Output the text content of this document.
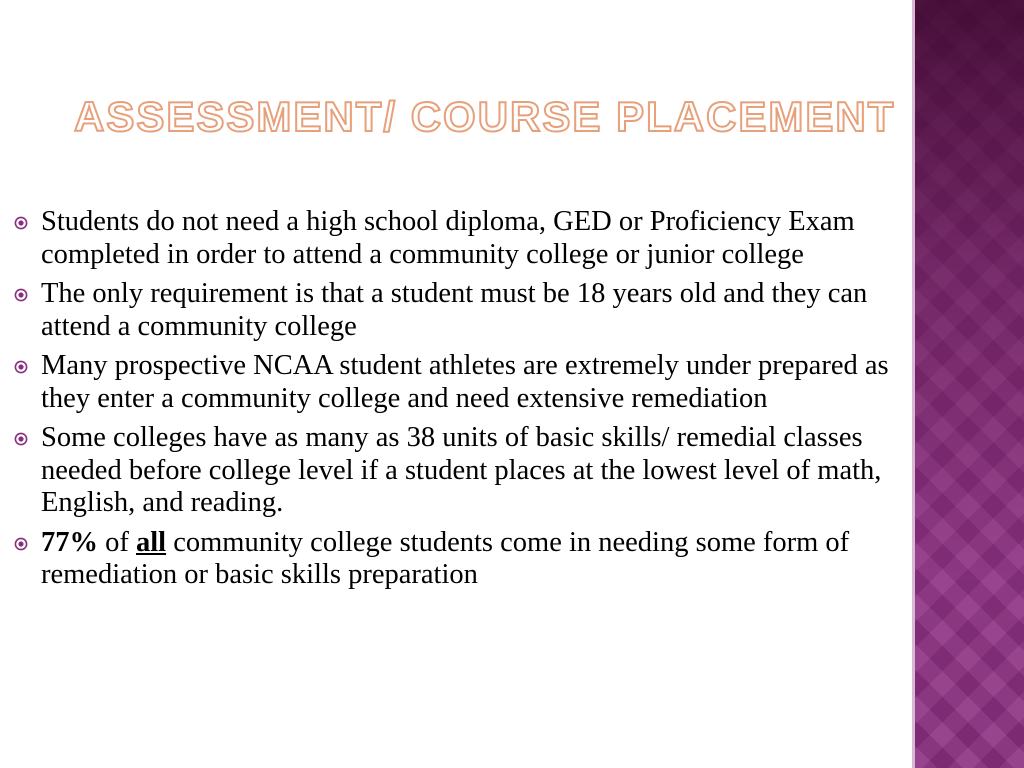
ASSESSMENT/ COURSE PLACEMENT
Students do not need a high school diploma, GED or Proficiency Exam completed in order to attend a community college or junior college
The only requirement is that a student must be 18 years old and they can attend a community college
Many prospective NCAA student athletes are extremely under prepared as they enter a community college and need extensive remediation
Some colleges have as many as 38 units of basic skills/ remedial classes needed before college level if a student places at the lowest level of math, English, and reading.
77% of all community college students come in needing some form of remediation or basic skills preparation
